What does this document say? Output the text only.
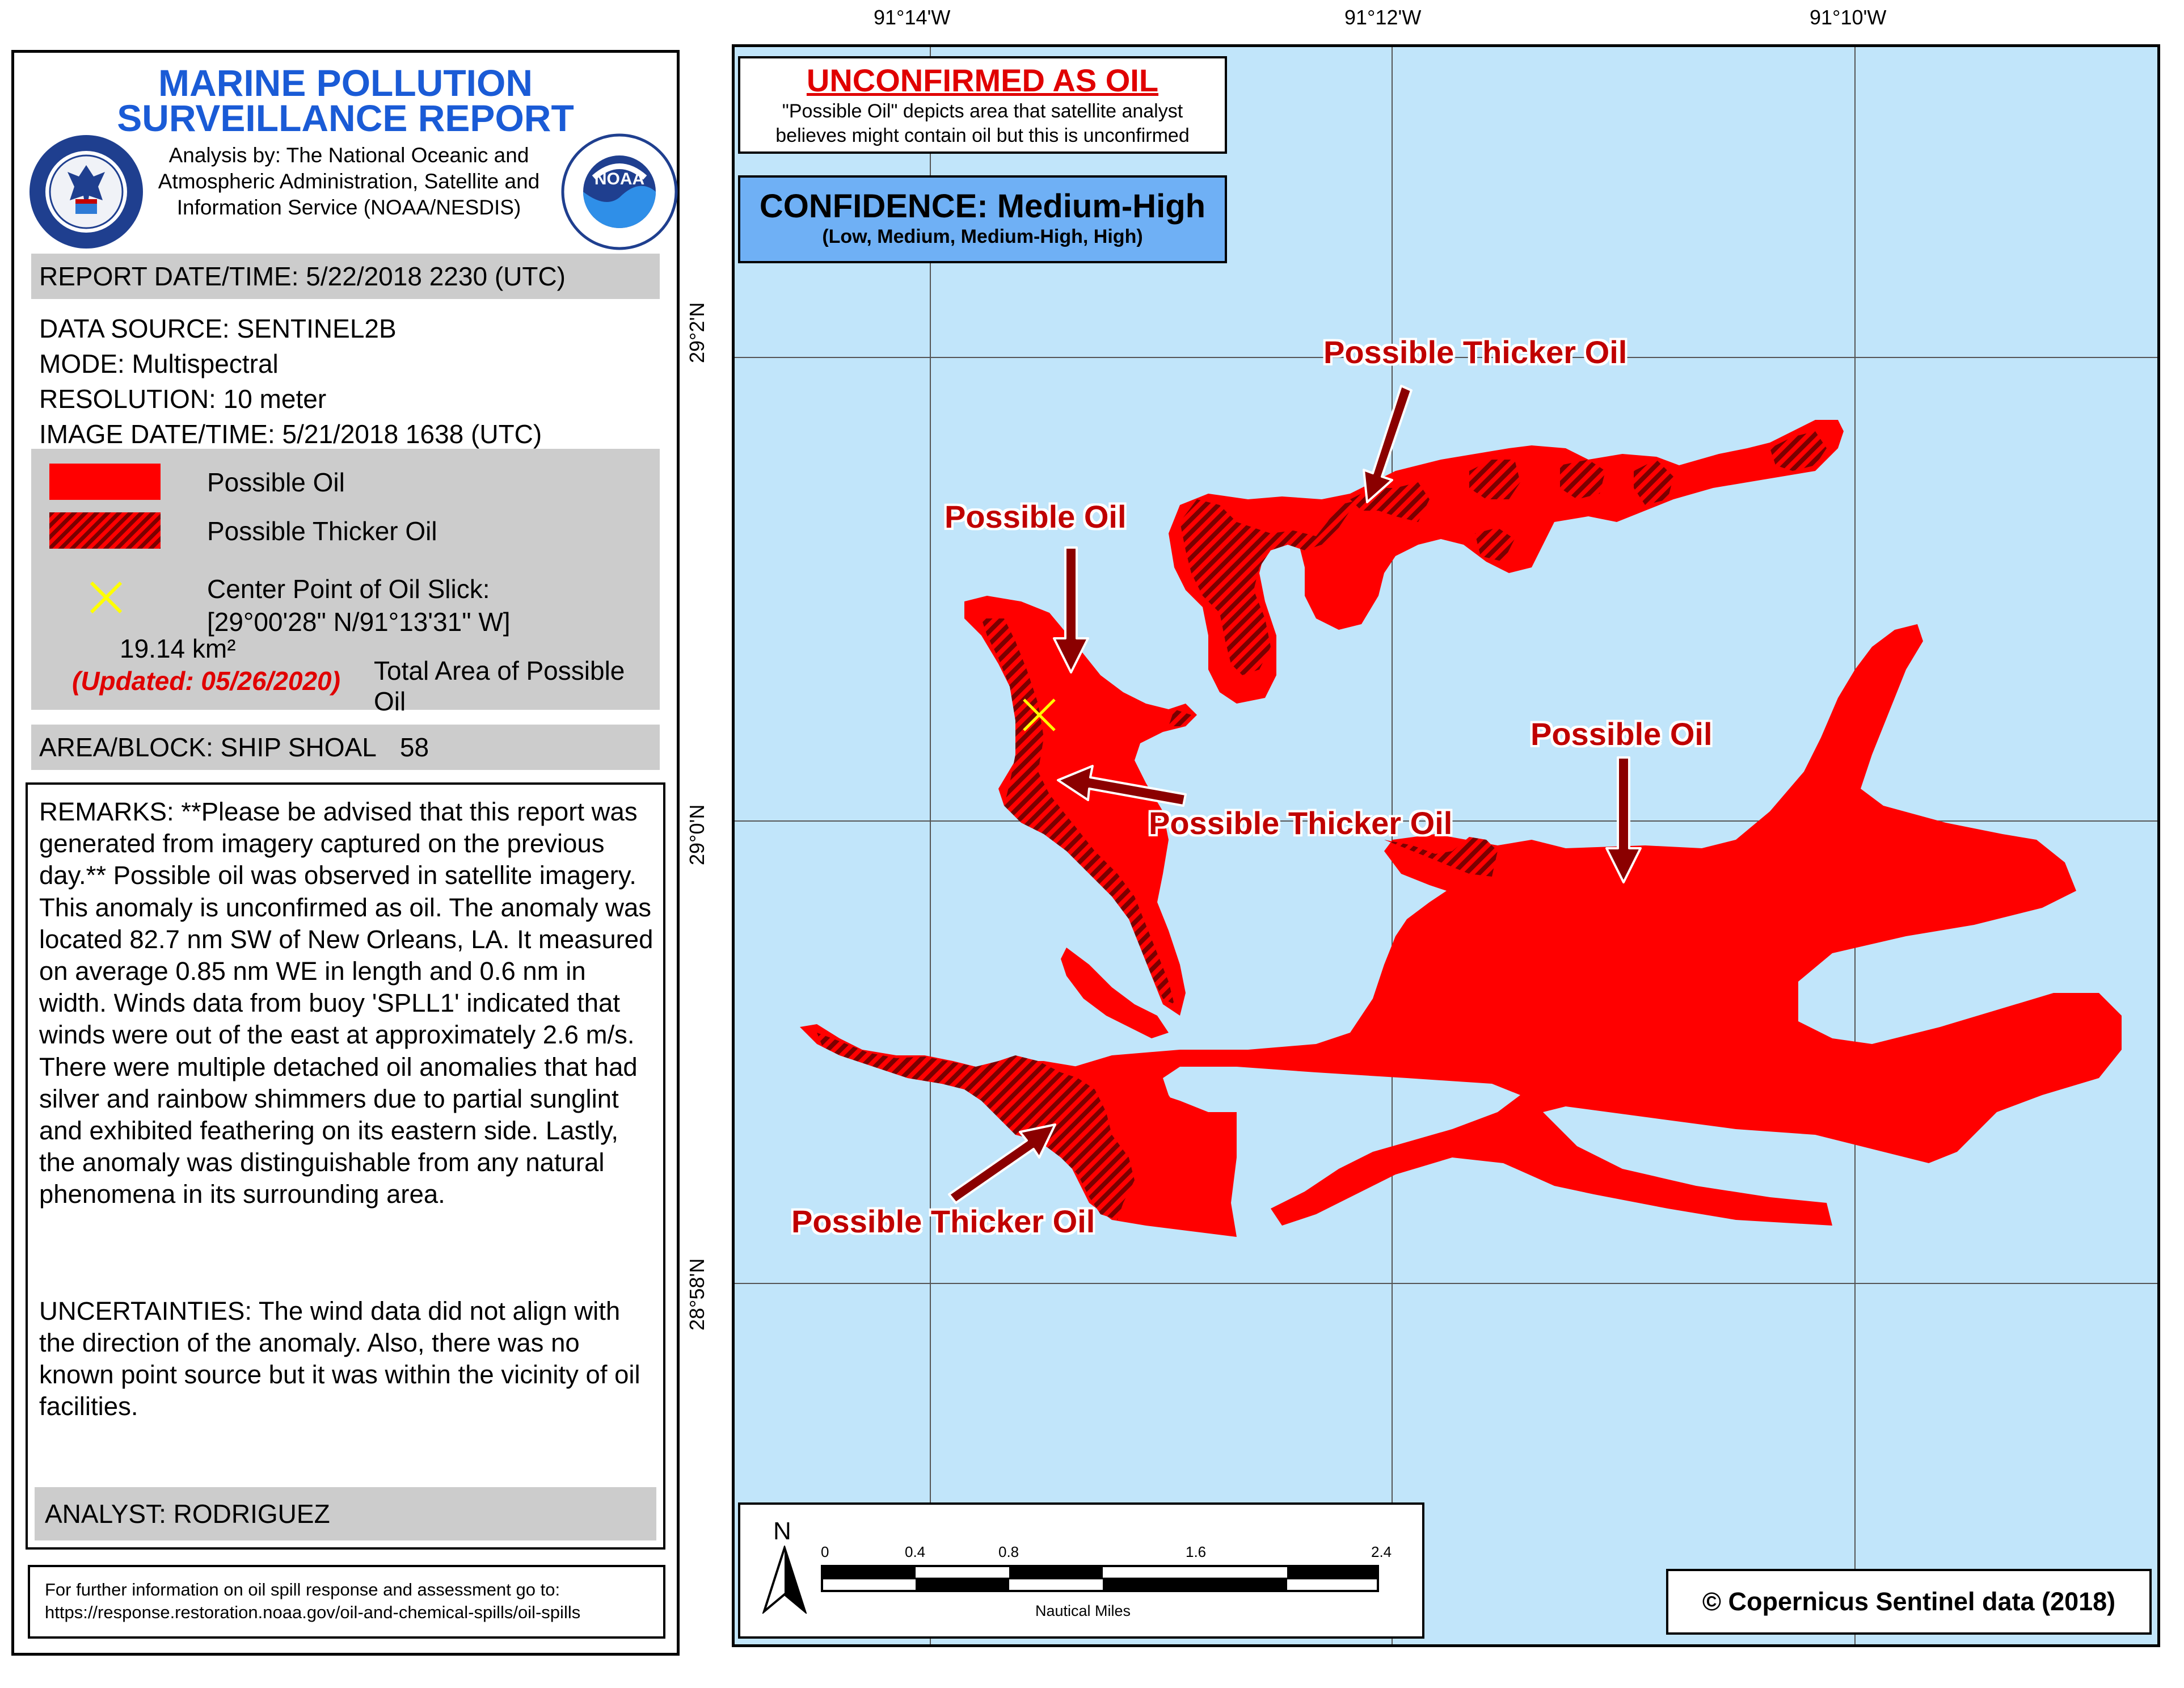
MARINE POLLUTION
SURVEILLANCE REPORT
NOAA
Analysis by: The National Oceanic and
Atmospheric Administration, Satellite and
Information Service (NOAA/NESDIS)
REPORT DATE/TIME: 5/22/2018 2230 (UTC)
DATA SOURCE: SENTINEL2B
MODE: Multispectral
RESOLUTION: 10 meter
IMAGE DATE/TIME: 5/21/2018 1638 (UTC)
Possible Oil
Possible Thicker Oil
Center Point of Oil Slick:
[29°00'28" N/91°13'31" W]
19.14 km²
(Updated: 05/26/2020) Total Area of Possible Oil
AREA/BLOCK: SHIP SHOAL 58
REMARKS: **Please be advised that this report was generated from imagery captured on the previous day.** Possible oil was observed in satellite imagery. This anomaly is unconfirmed as oil. The anomaly was located 82.7 nm SW of New Orleans, LA. It measured on average 0.85 nm WE in length and 0.6 nm in width. Winds data from buoy 'SPLL1' indicated that winds were out of the east at approximately 2.6 m/s. There were multiple detached oil anomalies that had silver and rainbow shimmers due to partial sunglint and exhibited feathering on its eastern side. Lastly, the anomaly was distinguishable from any natural phenomena in its surrounding area.
UNCERTAINTIES: The wind data did not align with the direction of the anomaly. Also, there was no known point source but it was within the vicinity of oil facilities.
ANALYST: RODRIGUEZ
For further information on oil spill response and assessment go to:
https://response.restoration.noaa.gov/oil-and-chemical-spills/oil-spills
91°14'W	91°12'W	91°10'W
29°2'N
29°0'N
28°58'N
Possible Thicker Oil
Possible Oil
Possible Oil
Possible Thicker Oil
Possible Thicker Oil
UNCONFIRMED AS OIL
"Possible Oil" depicts area that satellite analyst
believes might contain oil but this is unconfirmed
CONFIDENCE: Medium-High
(Low, Medium, Medium-High, High)
N
0	0.4	0.8	1.6	2.4
Nautical Miles	© Copernicus Sentinel data (2018)
